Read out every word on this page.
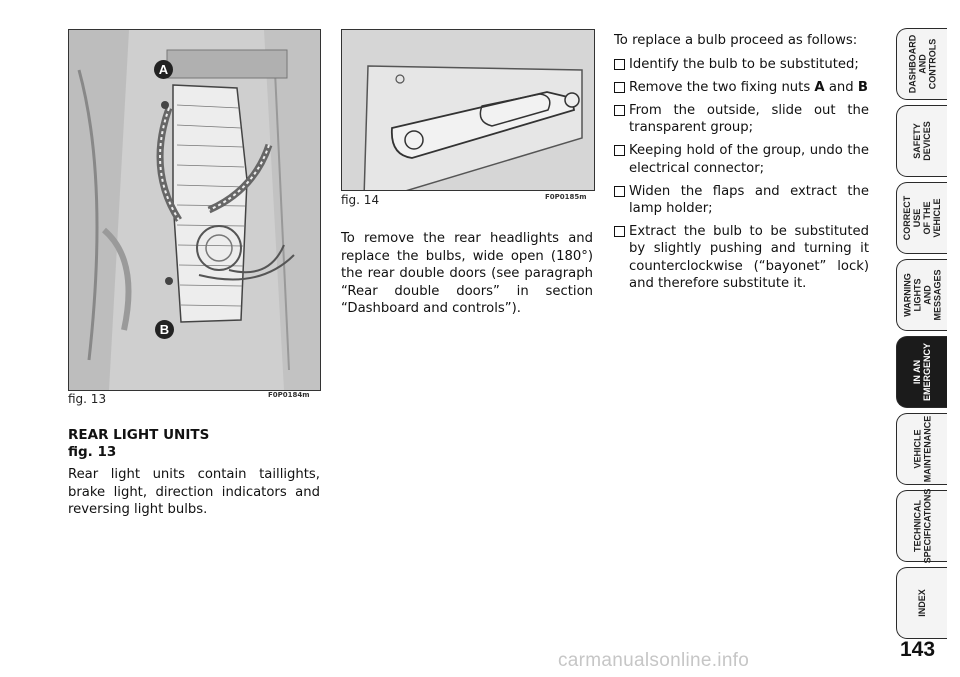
A
B
fig. 13	F0P0184m
fig. 14	F0P0185m
REAR LIGHT UNITS
fig. 13
Rear light units contain taillights, brake light, direction indicators and reversing light bulbs.
To remove the rear headlights and replace the bulbs, wide open (180°) the rear double doors (see paragraph “Rear double doors” in section “Dashboard and controls”).
To replace a bulb proceed as follows:
Identify the bulb to be substituted;
Remove the two fixing nuts A and B
From the outside, slide out the transparent group;
Keeping hold of the group, undo the electrical connector;
Widen the flaps and extract the lamp holder;
Extract the bulb to be substituted by slightly pushing and turning it counterclockwise (“bayonet” lock) and therefore substitute it.
DASHBOARD
AND CONTROLS
SAFETY
DEVICES
CORRECT USE
OF THE VEHICLE
WARNING
LIGHTS AND
MESSAGES
IN AN
EMERGENCY
VEHICLE
MAINTENANCE
TECHNICAL
SPECIFICATIONS
INDEX
143
carmanualsonline.info
